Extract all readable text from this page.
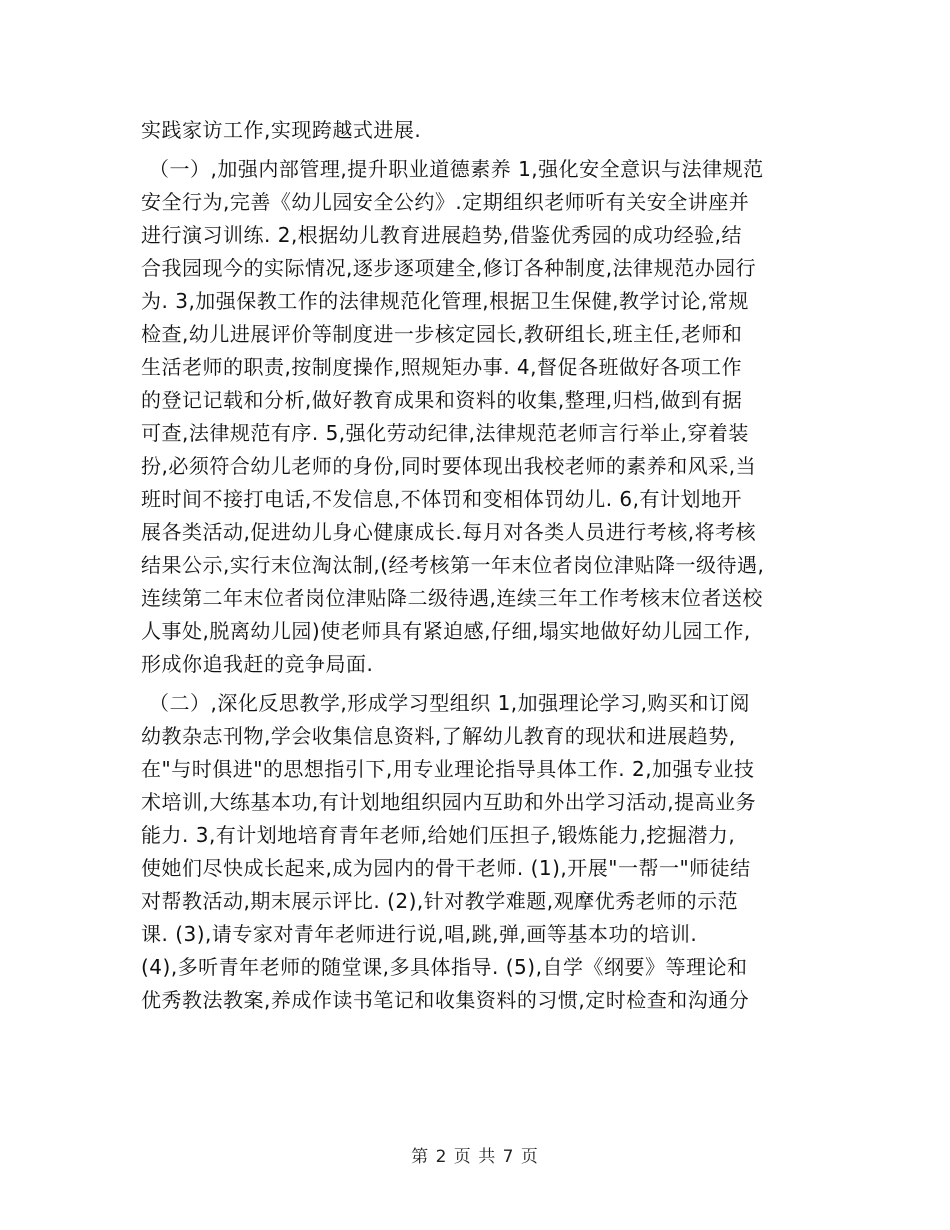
实践家访工作,实现跨越式进展.
（一）,加强内部管理,提升职业道德素养 1,强化安全意识与法律规范
安全行为,完善《幼儿园安全公约》.定期组织老师听有关安全讲座并
进行演习训练. 2,根据幼儿教育进展趋势,借鉴优秀园的成功经验,结
合我园现今的实际情况,逐步逐项建全,修订各种制度,法律规范办园行
为. 3,加强保教工作的法律规范化管理,根据卫生保健,教学讨论,常规
检查,幼儿进展评价等制度进一步核定园长,教研组长,班主任,老师和
生活老师的职责,按制度操作,照规矩办事. 4,督促各班做好各项工作
的登记记载和分析,做好教育成果和资料的收集,整理,归档,做到有据
可查,法律规范有序. 5,强化劳动纪律,法律规范老师言行举止,穿着装
扮,必须符合幼儿老师的身份,同时要体现出我校老师的素养和风采,当
班时间不接打电话,不发信息,不体罚和变相体罚幼儿. 6,有计划地开
展各类活动,促进幼儿身心健康成长.每月对各类人员进行考核,将考核
结果公示,实行末位淘汰制,(经考核第一年末位者岗位津贴降一级待遇,
连续第二年末位者岗位津贴降二级待遇,连续三年工作考核末位者送校
人事处,脱离幼儿园)使老师具有紧迫感,仔细,塌实地做好幼儿园工作,
形成你追我赶的竞争局面.
（二）,深化反思教学,形成学习型组织 1,加强理论学习,购买和订阅
幼教杂志刊物,学会收集信息资料,了解幼儿教育的现状和进展趋势,
在"与时俱进"的思想指引下,用专业理论指导具体工作. 2,加强专业技
术培训,大练基本功,有计划地组织园内互助和外出学习活动,提高业务
能力. 3,有计划地培育青年老师,给她们压担子,锻炼能力,挖掘潜力,
使她们尽快成长起来,成为园内的骨干老师. (1),开展"一帮一"师徒结
对帮教活动,期末展示评比. (2),针对教学难题,观摩优秀老师的示范
课. (3),请专家对青年老师进行说,唱,跳,弹,画等基本功的培训.
(4),多听青年老师的随堂课,多具体指导. (5),自学《纲要》等理论和
优秀教法教案,养成作读书笔记和收集资料的习惯,定时检查和沟通分
第 2 页 共 7 页
